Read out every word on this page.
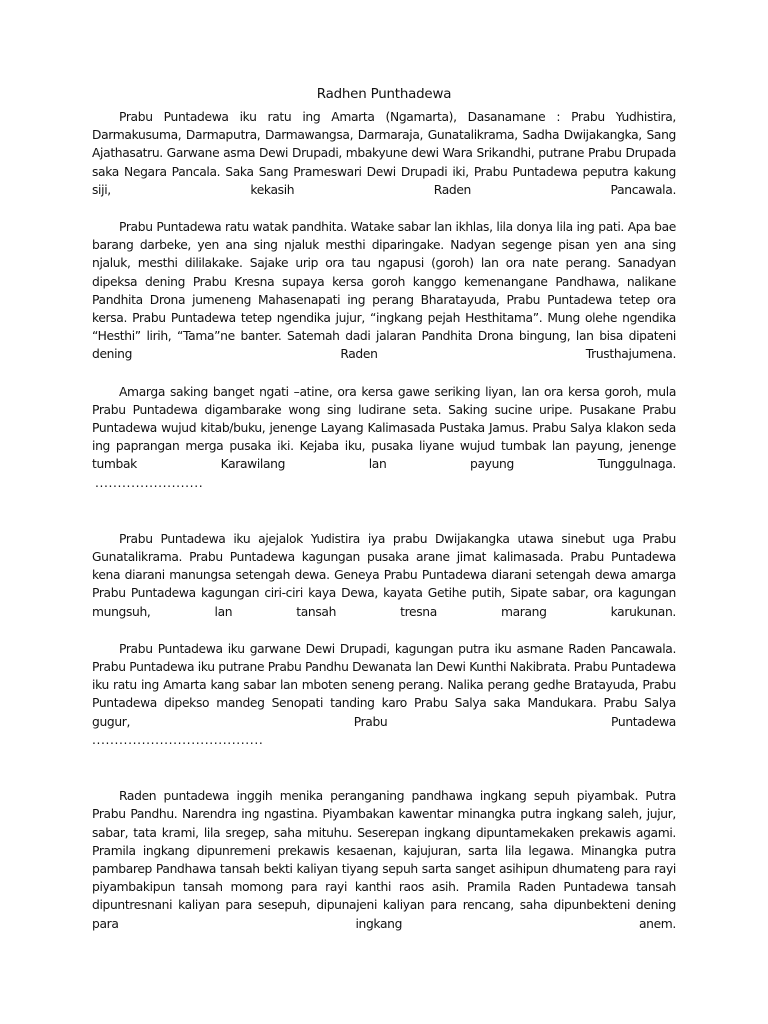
Radhen Punthadewa

Prabu Puntadewa iku ratu ing Amarta (Ngamarta), Dasanamane : Prabu Yudhistira, Darmakusuma, Darmaputra, Darmawangsa, Darmaraja, Gunatalikrama, Sadha Dwijakangka, Sang Ajathasatru. Garwane asma Dewi Drupadi, mbakyune dewi Wara Srikandhi, putrane Prabu Drupada saka Negara Pancala. Saka Sang Prameswari Dewi Drupadi iki, Prabu Puntadewa peputra kakung siji, kekasih Raden Pancawala.

Prabu Puntadewa ratu watak pandhita. Watake sabar lan ikhlas, lila donya lila ing pati. Apa bae barang darbeke, yen ana sing njaluk mesthi diparingake. Nadyan segenge pisan yen ana sing njaluk, mesthi dililakake. Sajake urip ora tau ngapusi (goroh) lan ora nate perang. Sanadyan dipeksa dening Prabu Kresna supaya kersa goroh kanggo kemenangane Pandhawa, nalikane Pandhita Drona jumeneng Mahasenapati ing perang Bharatayuda, Prabu Puntadewa tetep ora kersa. Prabu Puntadewa tetep ngendika jujur, “ingkang pejah Hesthitama”. Mung olehe ngendika “Hesthi” lirih, “Tama”ne banter. Satemah dadi jalaran Pandhita Drona bingung, lan bisa dipateni dening Raden Trusthajumena.

Amarga saking banget ngati –atine, ora kersa gawe seriking liyan, lan ora kersa goroh, mula Prabu Puntadewa digambarake wong sing ludirane seta. Saking sucine uripe. Pusakane Prabu Puntadewa wujud kitab/buku, jenenge Layang Kalimasada Pustaka Jamus. Prabu Salya klakon seda ing paprangan merga pusaka iki. Kejaba iku, pusaka liyane wujud tumbak lan payung, jenenge tumbak Karawilang lan payung Tunggulnaga.

........................

Prabu Puntadewa iku ajejalok Yudistira iya prabu Dwijakangka utawa sinebut uga Prabu Gunatalikrama. Prabu Puntadewa kagungan pusaka arane jimat kalimasada. Prabu Puntadewa kena diarani manungsa setengah dewa. Geneya Prabu Puntadewa diarani setengah dewa amarga Prabu Puntadewa kagungan ciri-ciri kaya Dewa, kayata Getihe putih, Sipate sabar, ora kagungan mungsuh, lan tansah tresna marang karukunan.

Prabu Puntadewa iku garwane Dewi Drupadi, kagungan putra iku asmane Raden Pancawala. Prabu Puntadewa iku putrane Prabu Pandhu Dewanata lan Dewi Kunthi Nakibrata. Prabu Puntadewa iku ratu ing Amarta kang sabar lan mboten seneng perang. Nalika perang gedhe Bratayuda, Prabu Puntadewa dipekso mandeg Senopati tanding karo Prabu Salya saka Mandukara. Prabu Salya gugur, Prabu Puntadewa

......................................

Raden puntadewa inggih menika peranganing pandhawa ingkang sepuh piyambak. Putra Prabu Pandhu. Narendra ing ngastina. Piyambakan kawentar minangka putra ingkang saleh, jujur, sabar, tata krami, lila sregep, saha mituhu. Seserepan ingkang dipuntamekaken prekawis agami. Pramila ingkang dipunremeni prekawis kesaenan, kajujuran, sarta lila legawa. Minangka putra pambarep Pandhawa tansah bekti kaliyan tiyang sepuh sarta sanget asihipun dhumateng para rayi piyambakipun tansah momong para rayi kanthi raos asih. Pramila Raden Puntadewa tansah dipuntresnani kaliyan para sesepuh, dipunajeni kaliyan para rencang, saha dipunbekteni dening para ingkang anem.
